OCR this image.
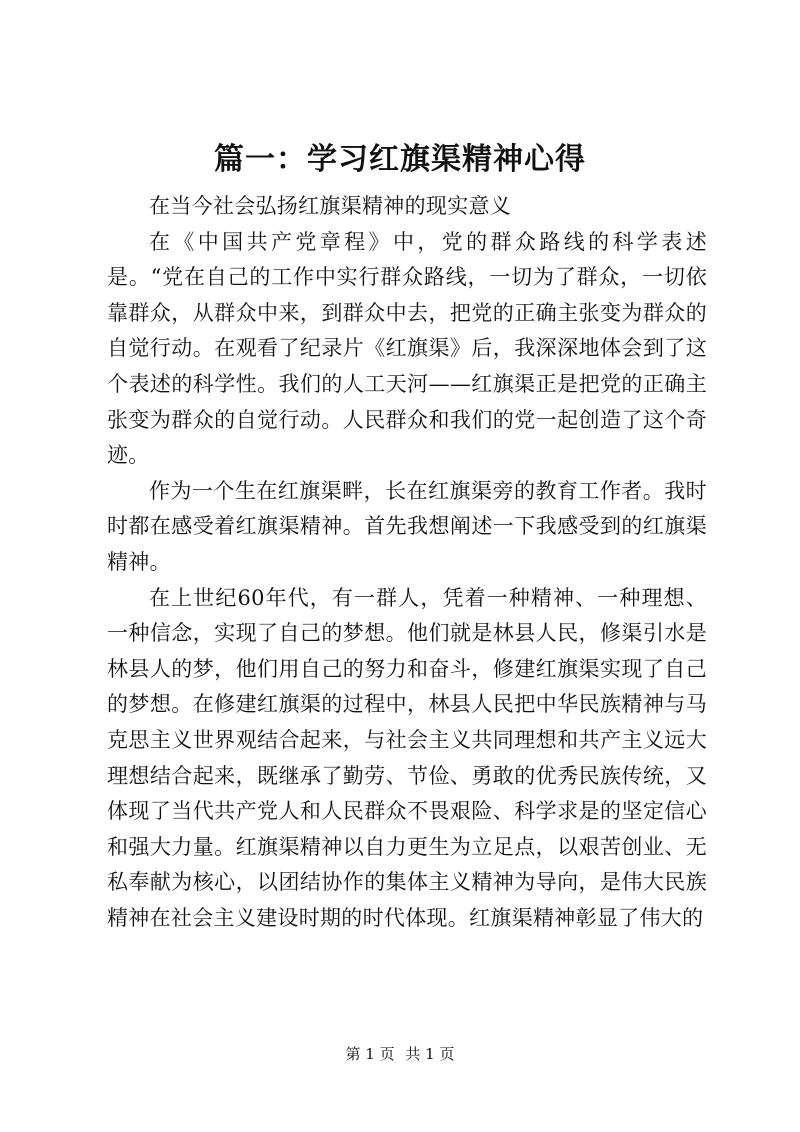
篇一：学习红旗渠精神心得

在当今社会弘扬红旗渠精神的现实意义

在《中国共产党章程》中，党的群众路线的科学表述是。“党在自己的工作中实行群众路线，一切为了群众，一切依靠群众，从群众中来，到群众中去，把党的正确主张变为群众的自觉行动。在观看了纪录片《红旗渠》后，我深深地体会到了这个表述的科学性。我们的人工天河——红旗渠正是把党的正确主张变为群众的自觉行动。人民群众和我们的党一起创造了这个奇迹。

作为一个生在红旗渠畔，长在红旗渠旁的教育工作者。我时时都在感受着红旗渠精神。首先我想阐述一下我感受到的红旗渠精神。

在上世纪60年代，有一群人，凭着一种精神、一种理想、一种信念，实现了自己的梦想。他们就是林县人民，修渠引水是林县人的梦，他们用自己的努力和奋斗，修建红旗渠实现了自己的梦想。在修建红旗渠的过程中，林县人民把中华民族精神与马克思主义世界观结合起来，与社会主义共同理想和共产主义远大理想结合起来，既继承了勤劳、节俭、勇敢的优秀民族传统，又体现了当代共产党人和人民群众不畏艰险、科学求是的坚定信心和强大力量。红旗渠精神以自力更生为立足点，以艰苦创业、无私奉献为核心，以团结协作的集体主义精神为导向，是伟大民族精神在社会主义建设时期的时代体现。红旗渠精神彰显了伟大的

第 1 页 共 1 页
